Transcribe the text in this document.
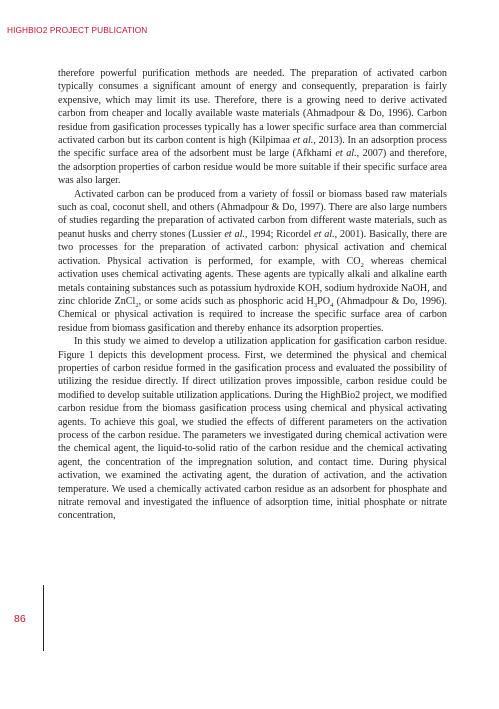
HIGHBIO2 PROJECT PUBLICATION

therefore powerful purification methods are needed. The preparation of activated carbon typically consumes a significant amount of energy and consequently, preparation is fairly expensive, which may limit its use. Therefore, there is a growing need to derive activated carbon from cheaper and locally available waste materials (Ahmadpour & Do, 1996). Carbon residue from gasification processes typically has a lower specific surface area than commercial activated carbon but its carbon content is high (Kilpimaa et al., 2013). In an adsorption process the specific surface area of the adsorbent must be large (Afkhami et al., 2007) and therefore, the adsorption properties of carbon residue would be more suitable if their specific surface area was also larger.

Activated carbon can be produced from a variety of fossil or biomass based raw materials such as coal, coconut shell, and others (Ahmadpour & Do, 1997). There are also large numbers of studies regarding the preparation of activated carbon from different waste materials, such as peanut husks and cherry stones (Lussier et al., 1994; Ricordel et al., 2001). Basically, there are two processes for the preparation of activated carbon: physical activation and chemical activation. Physical activation is performed, for example, with $CO_2$ whereas chemical activation uses chemical activating agents. These agents are typically alkali and alkaline earth metals containing substances such as potassium hydroxide KOH, sodium hydroxide NaOH, and zinc chloride ZnCl$_2$, or some acids such as phosphoric acid $H_3PO_4$ (Ahmadpour & Do, 1996). Chemical or physical activation is required to increase the specific surface area of carbon residue from biomass gasification and thereby enhance its adsorption properties.

In this study we aimed to develop a utilization application for gasification carbon residue. Figure 1 depicts this development process. First, we determined the physical and chemical properties of carbon residue formed in the gasification process and evaluated the possibility of utilizing the residue directly. If direct utilization proves impossible, carbon residue could be modified to develop suitable utilization applications. During the HighBio2 project, we modified carbon residue from the biomass gasification process using chemical and physical activating agents. To achieve this goal, we studied the effects of different parameters on the activation process of the carbon residue. The parameters we investigated during chemical activation were the chemical agent, the liquid-to-solid ratio of the carbon residue and the chemical activating agent, the concentration of the impregnation solution, and contact time. During physical activation, we examined the activating agent, the duration of activation, and the activation temperature. We used a chemically activated carbon residue as an adsorbent for phosphate and nitrate removal and investigated the influence of adsorption time, initial phosphate or nitrate concentration,

86
